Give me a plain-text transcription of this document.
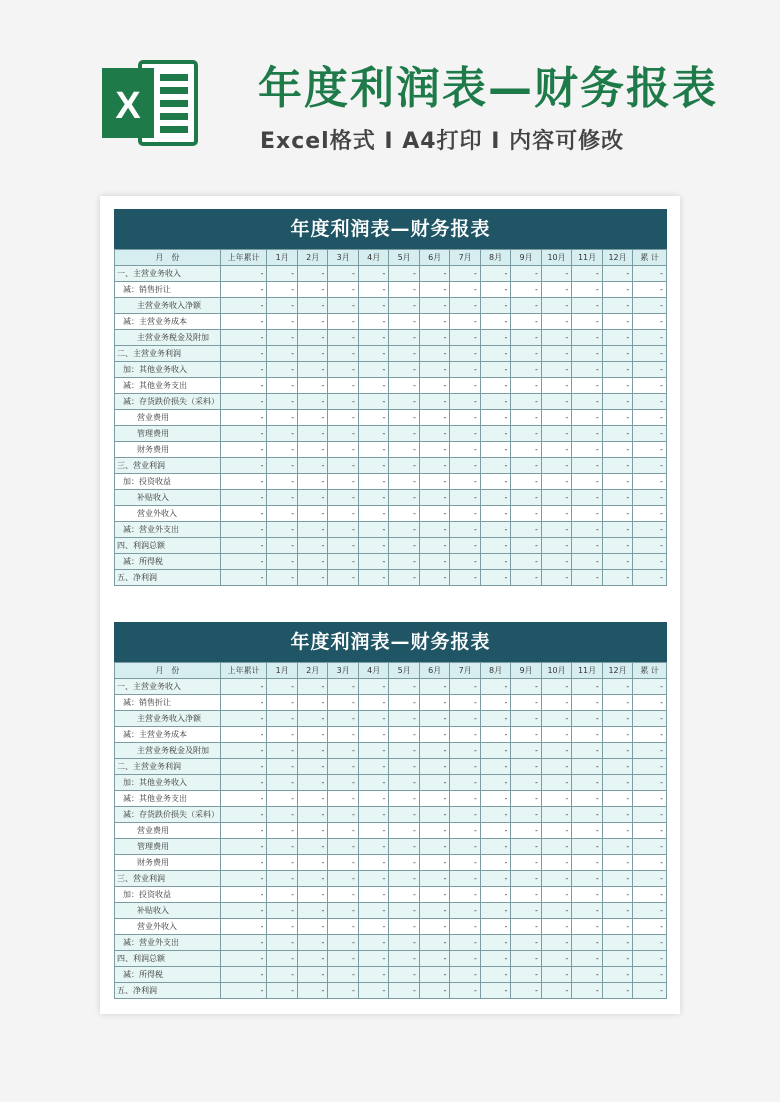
X	年度利润表—财务报表
Excel格式 I A4打印 I 内容可修改
年度利润表—财务报表
月　份	上年累计	1月	2月	3月	4月	5月	6月	7月	8月	9月	10月	11月	12月	累 计
一、主营业务收入	-	-	-	-	-	-	-	-	-	-	-	-	-	-
减：销售折让	-	-	-	-	-	-	-	-	-	-	-	-	-	-
主营业务收入净额	-	-	-	-	-	-	-	-	-	-	-	-	-	-
减：主营业务成本	-	-	-	-	-	-	-	-	-	-	-	-	-	-
主营业务税金及附加	-	-	-	-	-	-	-	-	-	-	-	-	-	-
二、主营业务利润	-	-	-	-	-	-	-	-	-	-	-	-	-	-
加：其他业务收入	-	-	-	-	-	-	-	-	-	-	-	-	-	-
减：其他业务支出	-	-	-	-	-	-	-	-	-	-	-	-	-	-
减：存货跌价损失（采料）	-	-	-	-	-	-	-	-	-	-	-	-	-	-
营业费用	-	-	-	-	-	-	-	-	-	-	-	-	-	-
管理费用	-	-	-	-	-	-	-	-	-	-	-	-	-	-
财务费用	-	-	-	-	-	-	-	-	-	-	-	-	-	-
三、营业利润	-	-	-	-	-	-	-	-	-	-	-	-	-	-
加：投资收益	-	-	-	-	-	-	-	-	-	-	-	-	-	-
补贴收入	-	-	-	-	-	-	-	-	-	-	-	-	-	-
营业外收入	-	-	-	-	-	-	-	-	-	-	-	-	-	-
减：营业外支出	-	-	-	-	-	-	-	-	-	-	-	-	-	-
四、利润总额	-	-	-	-	-	-	-	-	-	-	-	-	-	-
减：所得税	-	-	-	-	-	-	-	-	-	-	-	-	-	-
五、净利润	-	-	-	-	-	-	-	-	-	-	-	-	-	-
年度利润表—财务报表
月　份	上年累计	1月	2月	3月	4月	5月	6月	7月	8月	9月	10月	11月	12月	累 计
一、主营业务收入	-	-	-	-	-	-	-	-	-	-	-	-	-	-
减：销售折让	-	-	-	-	-	-	-	-	-	-	-	-	-	-
主营业务收入净额	-	-	-	-	-	-	-	-	-	-	-	-	-	-
减：主营业务成本	-	-	-	-	-	-	-	-	-	-	-	-	-	-
主营业务税金及附加	-	-	-	-	-	-	-	-	-	-	-	-	-	-
二、主营业务利润	-	-	-	-	-	-	-	-	-	-	-	-	-	-
加：其他业务收入	-	-	-	-	-	-	-	-	-	-	-	-	-	-
减：其他业务支出	-	-	-	-	-	-	-	-	-	-	-	-	-	-
减：存货跌价损失（采料）	-	-	-	-	-	-	-	-	-	-	-	-	-	-
营业费用	-	-	-	-	-	-	-	-	-	-	-	-	-	-
管理费用	-	-	-	-	-	-	-	-	-	-	-	-	-	-
财务费用	-	-	-	-	-	-	-	-	-	-	-	-	-	-
三、营业利润	-	-	-	-	-	-	-	-	-	-	-	-	-	-
加：投资收益	-	-	-	-	-	-	-	-	-	-	-	-	-	-
补贴收入	-	-	-	-	-	-	-	-	-	-	-	-	-	-
营业外收入	-	-	-	-	-	-	-	-	-	-	-	-	-	-
减：营业外支出	-	-	-	-	-	-	-	-	-	-	-	-	-	-
四、利润总额	-	-	-	-	-	-	-	-	-	-	-	-	-	-
减：所得税	-	-	-	-	-	-	-	-	-	-	-	-	-	-
五、净利润	-	-	-	-	-	-	-	-	-	-	-	-	-	-
